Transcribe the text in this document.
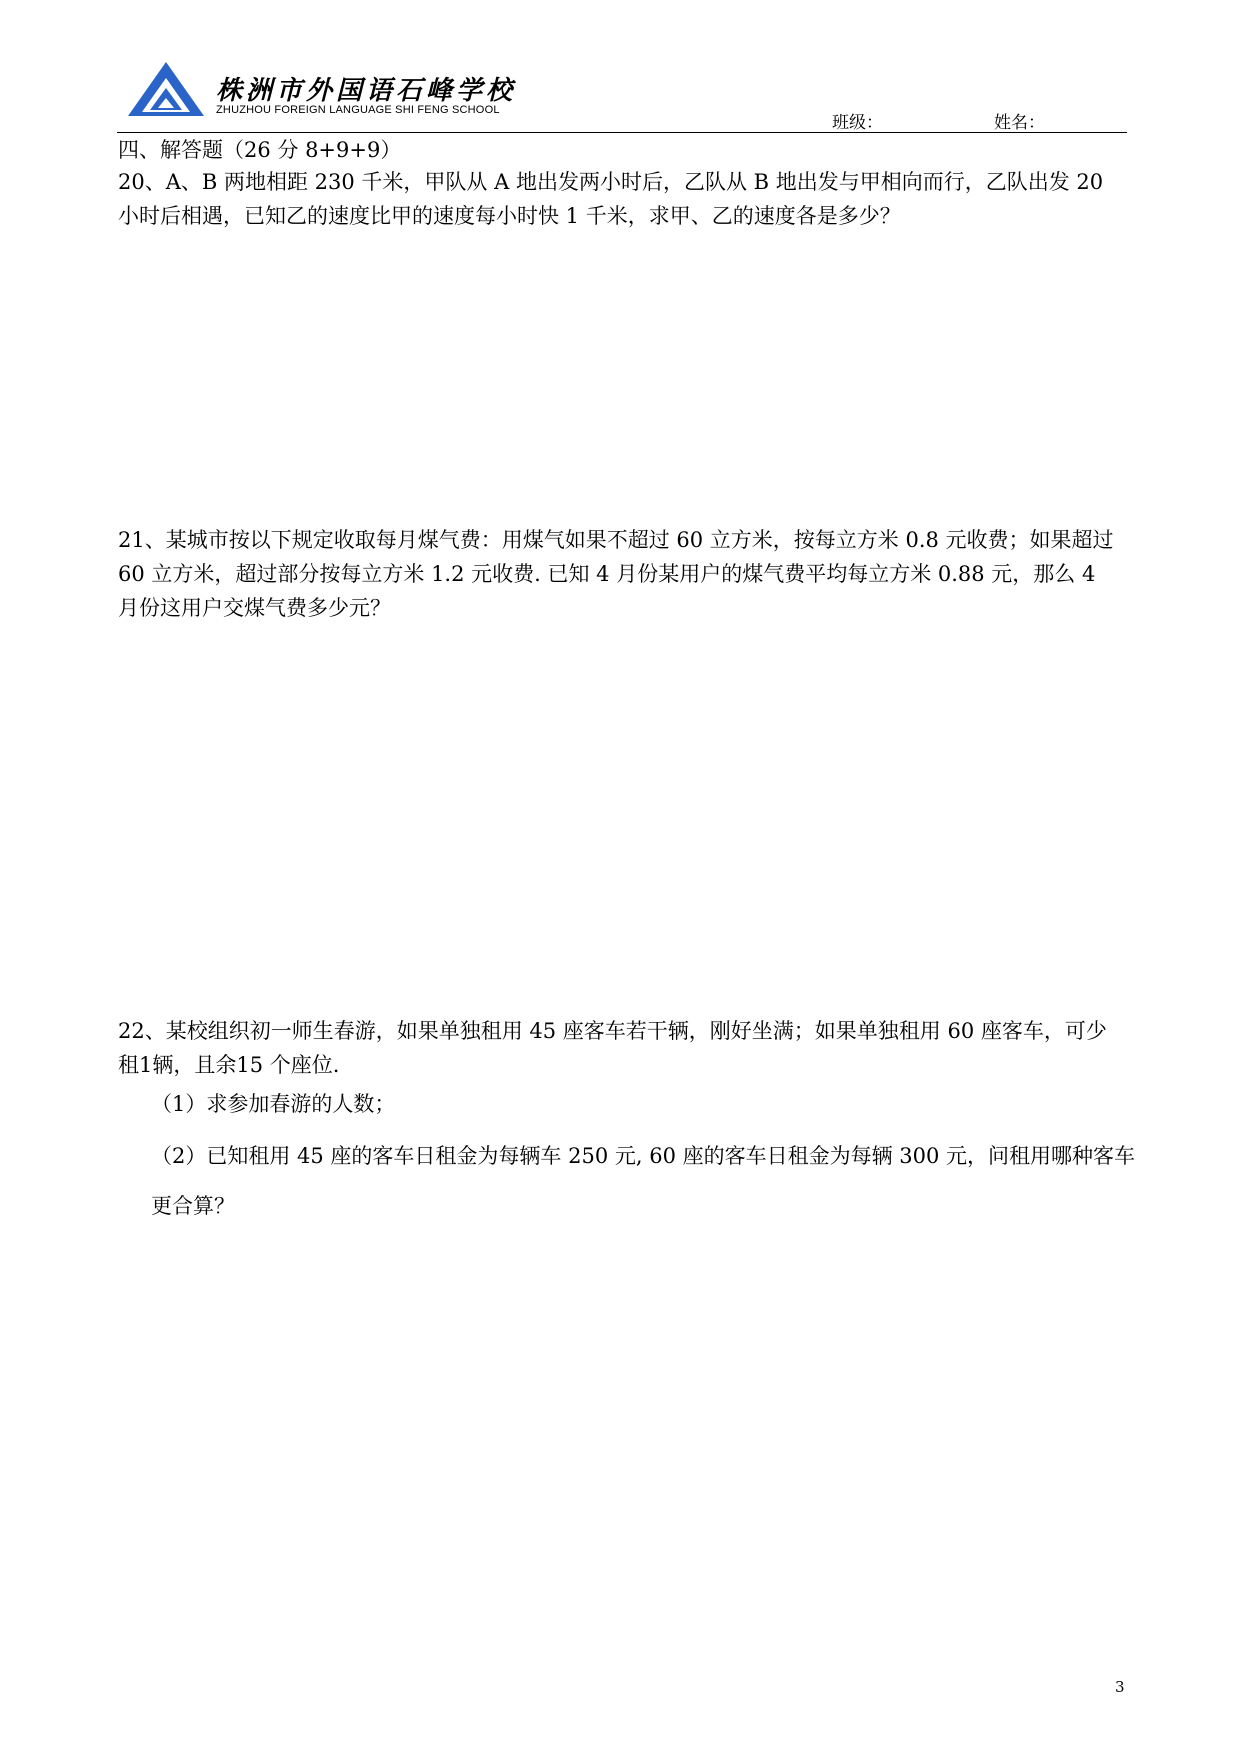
株洲市外国语石峰学校
ZHUZHOU FOREIGN LANGUAGE SHI FENG SCHOOL
班级：	姓名：
四、解答题（26 分 8+9+9）
20、A、B 两地相距 230 千米，甲队从 A 地出发两小时后，乙队从 B 地出发与甲相向而行，乙队出发 20
小时后相遇，已知乙的速度比甲的速度每小时快 1 千米，求甲、乙的速度各是多少？
21、某城市按以下规定收取每月煤气费：用煤气如果不超过 60 立方米，按每立方米 0.8 元收费；如果超过
60 立方米，超过部分按每立方米 1.2 元收费. 已知 4 月份某用户的煤气费平均每立方米 0.88 元，那么 4
月份这用户交煤气费多少元？
22、某校组织初一师生春游，如果单独租用 45 座客车若干辆，刚好坐满；如果单独租用 60 座客车，可少
租1辆，且余15 个座位.
（1）求参加春游的人数；
（2）已知租用 45 座的客车日租金为每辆车 250 元, 60 座的客车日租金为每辆 300 元，问租用哪种客车
更合算？
3
